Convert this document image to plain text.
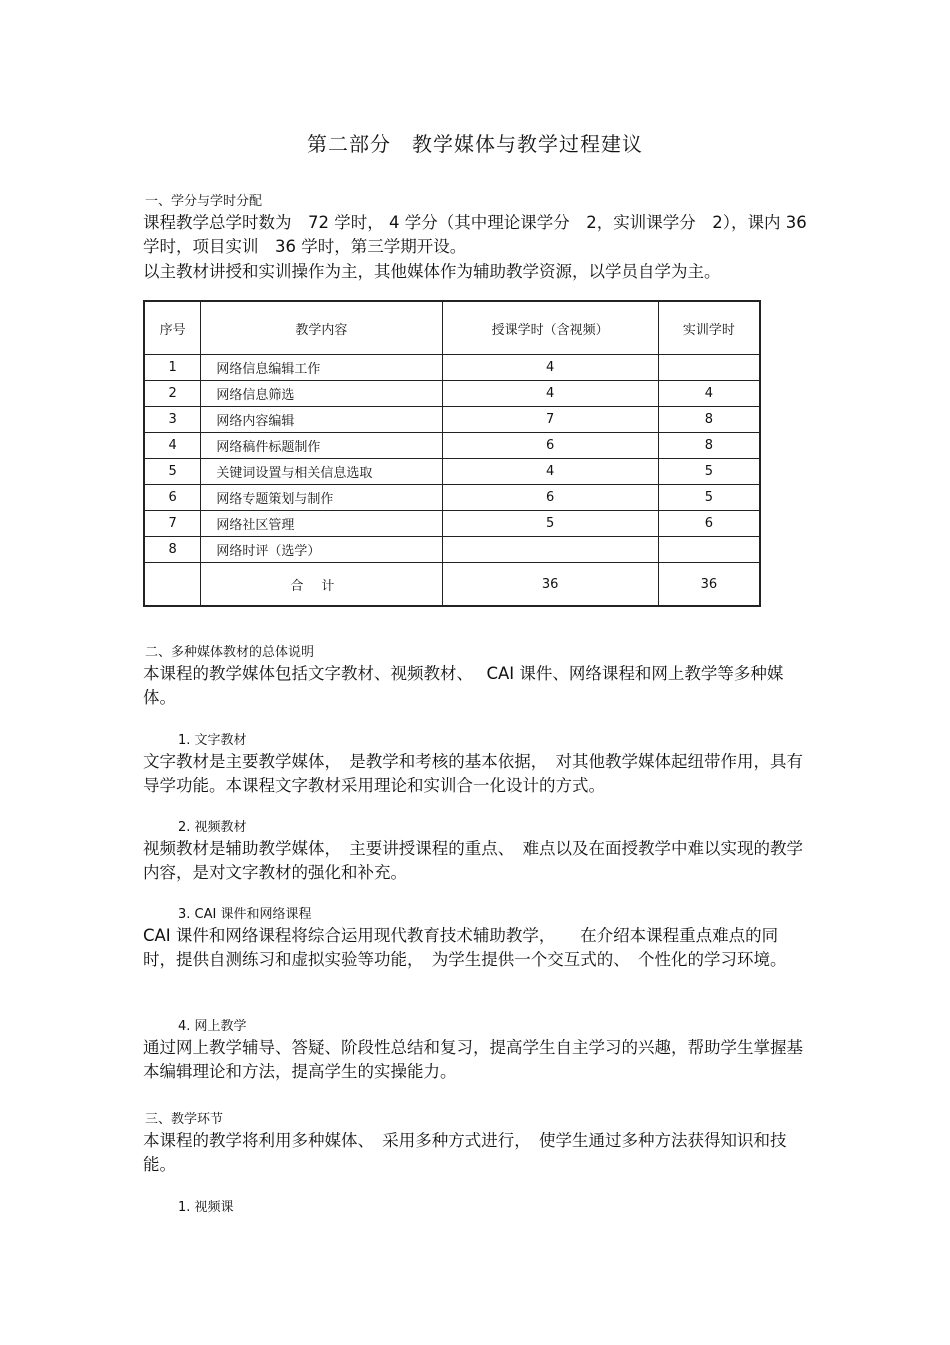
第二部分　教学媒体与教学过程建议
一、学分与学时分配

课程教学总学时数为　72 学时， 4 学分（其中理论课学分　2，实训课学分　2），课内 36 学时，项目实训　36 学时，第三学期开设。

以主教材讲授和实训操作为主，其他媒体作为辅助教学资源，以学员自学为主。

序号	教学内容	授课学时（含视频）	实训学时
1	网络信息编辑工作	4	
2	网络信息筛选	4	4
3	网络内容编辑	7	8
4	网络稿件标题制作	6	8
5	关键词设置与相关信息选取	4	5
6	网络专题策划与制作	6	5
7	网络社区管理	5	6
8	网络时评（选学）		
	合计	36	36
二、多种媒体教材的总体说明

本课程的教学媒体包括文字教材、视频教材、　 CAI 课件、网络课程和网上教学等多种媒体。

1. 文字教材

文字教材是主要教学媒体，　是教学和考核的基本依据，　对其他教学媒体起纽带作用，具有导学功能。本课程文字教材采用理论和实训合一化设计的方式。

2. 视频教材

视频教材是辅助教学媒体，　主要讲授课程的重点、　难点以及在面授教学中难以实现的教学内容，是对文字教材的强化和补充。

3. CAI 课件和网络课程

CAI 课件和网络课程将综合运用现代教育技术辅助教学，　　在介绍本课程重点难点的同时，提供自测练习和虚拟实验等功能，　为学生提供一个交互式的、　个性化的学习环境。

4. 网上教学

通过网上教学辅导、答疑、阶段性总结和复习，提高学生自主学习的兴趣，帮助学生掌握基本编辑理论和方法，提高学生的实操能力。

三、教学环节

本课程的教学将利用多种媒体、　采用多种方式进行，　使学生通过多种方法获得知识和技能。

1. 视频课
